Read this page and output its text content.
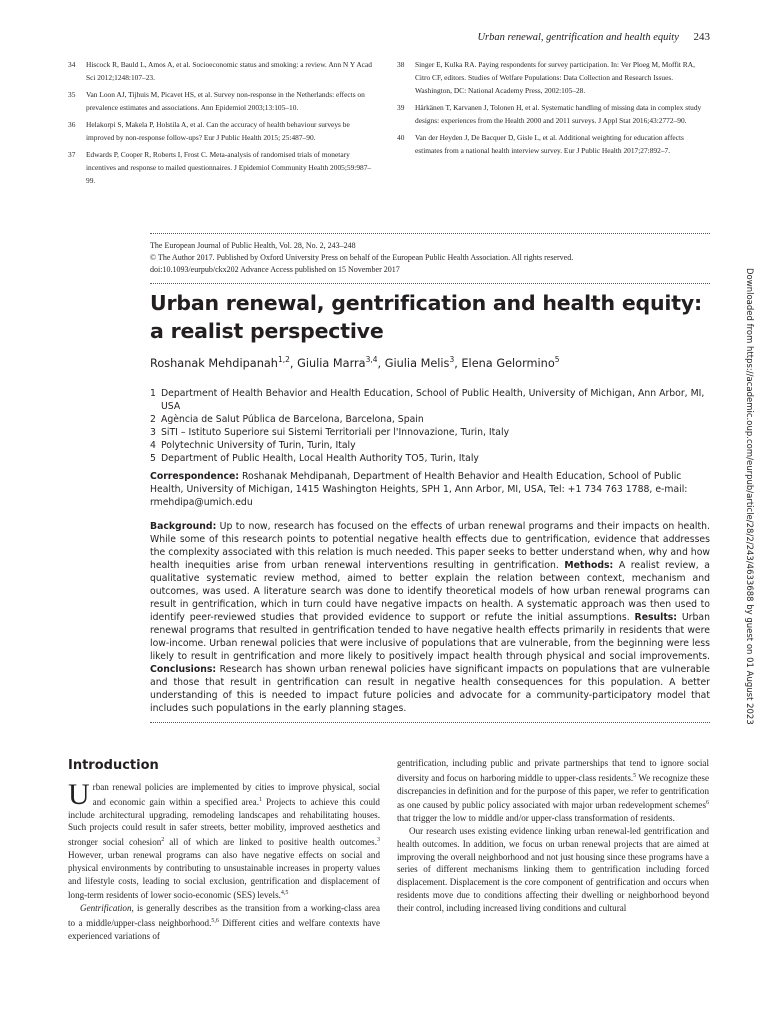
Urban renewal, gentrification and health equity 243
34	Hiscock R, Bauld L, Amos A, et al. Socioeconomic status and smoking: a review. Ann N Y Acad Sci 2012;1248:107–23.
35	Van Loon AJ, Tijhuis M, Picavet HS, et al. Survey non-response in the Netherlands: effects on prevalence estimates and associations. Ann Epidemiol 2003;13:105–10.
36	Helakorpi S, Makela P, Holstila A, et al. Can the accuracy of health behaviour surveys be improved by non-response follow-ups? Eur J Public Health 2015; 25:487–90.
37	Edwards P, Cooper R, Roberts I, Frost C. Meta-analysis of randomised trials of monetary incentives and response to mailed questionnaires. J Epidemiol Community Health 2005;59:987–99.
38	Singer E, Kulka RA. Paying respondents for survey participation. In: Ver Ploeg M, Moffit RA, Citro CF, editors. Studies of Welfare Populations: Data Collection and Research Issues. Washington, DC: National Academy Press, 2002:105–28.
39	Härkänen T, Karvanen J, Tolonen H, et al. Systematic handling of missing data in complex study designs: experiences from the Health 2000 and 2011 surveys. J Appl Stat 2016;43:2772–90.
40	Van der Heyden J, De Bacquer D, Gisle L, et al. Additional weighting for education affects estimates from a national health interview survey. Eur J Public Health 2017;27:892–7.
The European Journal of Public Health, Vol. 28, No. 2, 243–248
© The Author 2017. Published by Oxford University Press on behalf of the European Public Health Association. All rights reserved.
doi:10.1093/eurpub/ckx202 Advance Access published on 15 November 2017
Urban renewal, gentrification and health equity: a realist perspective
Roshanak Mehdipanah$^{1,2}$, Giulia Marra$^{3,4}$, Giulia Melis$^3$, Elena Gelormino$^5$
1 Department of Health Behavior and Health Education, School of Public Health, University of Michigan, Ann Arbor, MI, USA
2 Agència de Salut Pública de Barcelona, Barcelona, Spain
3 SiTI – Istituto Superiore sui Sistemi Territoriali per l'Innovazione, Turin, Italy
4 Polytechnic University of Turin, Turin, Italy
5 Department of Public Health, Local Health Authority TO5, Turin, Italy
Correspondence: Roshanak Mehdipanah, Department of Health Behavior and Health Education, School of Public Health, University of Michigan, 1415 Washington Heights, SPH 1, Ann Arbor, MI, USA, Tel: +1 734 763 1788, e-mail: rmehdipa@umich.edu
Background: Up to now, research has focused on the effects of urban renewal programs and their impacts on health. While some of this research points to potential negative health effects due to gentrification, evidence that addresses the complexity associated with this relation is much needed. This paper seeks to better understand when, why and how health inequities arise from urban renewal interventions resulting in gentrification. Methods: A realist review, a qualitative systematic review method, aimed to better explain the relation between context, mechanism and outcomes, was used. A literature search was done to identify theoretical models of how urban renewal programs can result in gentrification, which in turn could have negative impacts on health. A systematic approach was then used to identify peer-reviewed studies that provided evidence to support or refute the initial assumptions. Results: Urban renewal programs that resulted in gentrification tended to have negative health effects primarily in residents that were low-income. Urban renewal policies that were inclusive of populations that are vulnerable, from the beginning were less likely to result in gentrification and more likely to positively impact health through physical and social improvements. Conclusions: Research has shown urban renewal policies have significant impacts on populations that are vulnerable and those that result in gentrification can result in negative health consequences for this population. A better understanding of this is needed to impact future policies and advocate for a community-participatory model that includes such populations in the early planning stages.	Downloaded from https://academic.oup.com/eurpub/article/28/2/243/4633688 by guest on 01 August 2023
Introduction

Urban renewal policies are implemented by cities to improve physical, social and economic gain within a specified area.$^1$ Projects to achieve this could include architectural upgrading, remodeling landscapes and rehabilitating houses. Such projects could result in safer streets, better mobility, improved aesthetics and stronger social cohesion$^2$ all of which are linked to positive health outcomes.$^3$ However, urban renewal programs can also have negative effects on social and physical environments by contributing to unsustainable increases in property values and lifestyle costs, leading to social exclusion, gentrification and displacement of long-term residents of lower socio-economic (SES) levels.$^{4,5}$

Gentrification, is generally describes as the transition from a working-class area to a middle/upper-class neighborhood.$^{5,6}$ Different cities and welfare contexts have experienced variations of

gentrification, including public and private partnerships that tend to ignore social diversity and focus on harboring middle to upper-class residents.$^5$ We recognize these discrepancies in definition and for the purpose of this paper, we refer to gentrification as one caused by public policy associated with major urban redevelopment schemes$^6$ that trigger the low to middle and/or upper-class transformation of residents.

Our research uses existing evidence linking urban renewal-led gentrification and health outcomes. In addition, we focus on urban renewal projects that are aimed at improving the overall neighborhood and not just housing since these programs have a series of different mechanisms linking them to gentrification including forced displacement. Displacement is the core component of gentrification and occurs when residents move due to conditions affecting their dwelling or neighborhood beyond their control, including increased living conditions and cultural
